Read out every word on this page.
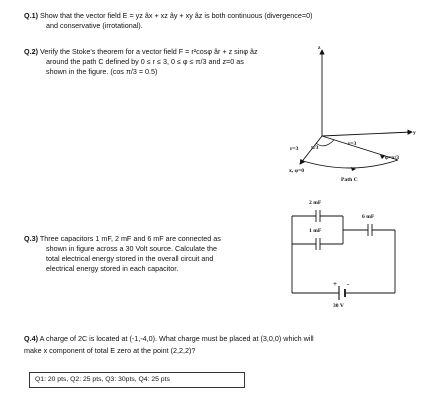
Q.1) Show that the vector field E = yz âx + xz ây + xy âz is both continuous (divergence=0)
and conservative (irrotational).
Q.2) Verify the Stoke's theorem for a vector field F = r²cosφ âr + z sinφ âz
around the path C defined by 0 ≤ r ≤ 3, 0 ≤ φ ≤ π/3 and z=0 as
shown in the figure. (cos π/3 = 0.5)
z
y
x, φ=0
r=3 π/3
r=3
φ=π/3
Path C
Q.3) Three capacitors 1 mF, 2 mF and 6 mF are connected as
shown in figure across a 30 Volt source. Calculate the
total electrical energy stored in the overall circuit and
electrical energy stored in each capacitor.
2 mF
1 mF
6 mF
+ -
30 V
Q.4) A charge of 2C is located at (-1,-4,0). What charge must be placed at (3,0,0) which will
make x component of total E zero at the point (2,2,2)?
Q1: 20 pts, Q2: 25 pts, Q3: 30pts, Q4: 25 pts
